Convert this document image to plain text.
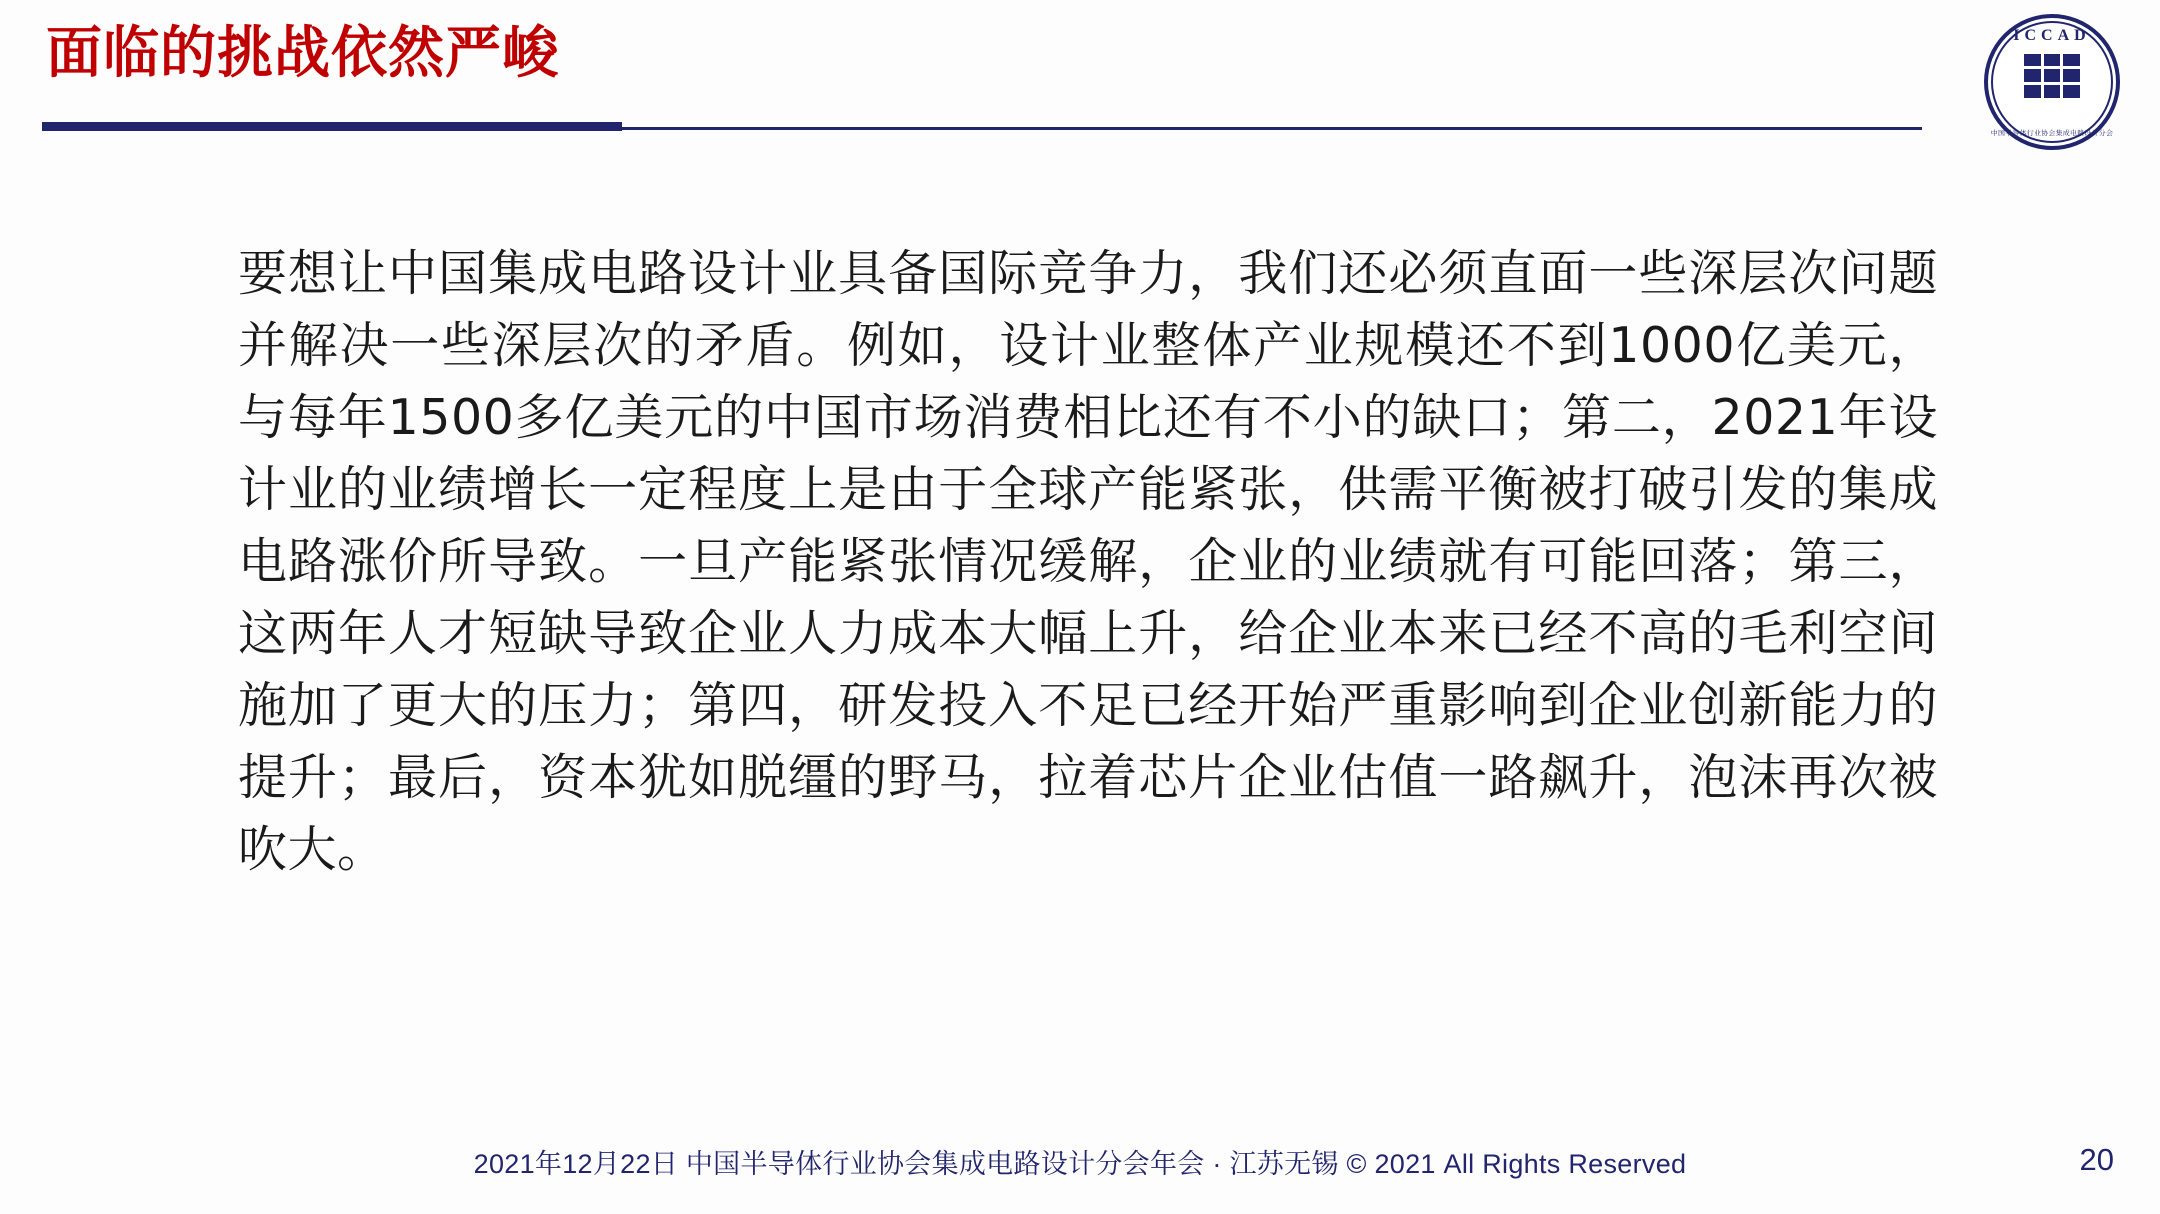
面临的挑战依然严峻	ICCAD
中国半导体行业协会集成电路设计分会
要想让中国集成电路设计业具备国际竞争力，我们还必须直面一些深层次问题并解决一些深层次的矛盾。例如，设计业整体产业规模还不到1000亿美元，与每年1500多亿美元的中国市场消费相比还有不小的缺口；第二，2021年设计业的业绩增长一定程度上是由于全球产能紧张，供需平衡被打破引发的集成电路涨价所导致。一旦产能紧张情况缓解，企业的业绩就有可能回落；第三，这两年人才短缺导致企业人力成本大幅上升，给企业本来已经不高的毛利空间施加了更大的压力；第四，研发投入不足已经开始严重影响到企业创新能力的提升；最后，资本犹如脱缰的野马，拉着芯片企业估值一路飙升，泡沫再次被吹大。
2021年12月22日 中国半导体行业协会集成电路设计分会年会 · 江苏无锡 © 2021 All Rights Reserved	20
